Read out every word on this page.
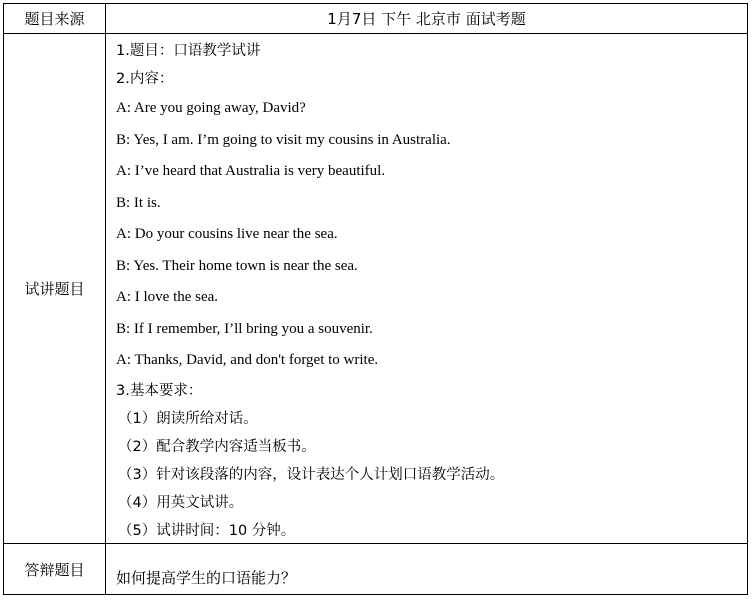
题目来源	1月7日 下午 北京市 面试考题
试讲题目
1.题目：口语教学试讲
2.内容：
A: Are you going away, David?
B: Yes, I am. I’m going to visit my cousins in Australia.
A: I’ve heard that Australia is very beautiful.
B: It is.
A: Do your cousins live near the sea.
B: Yes. Their home town is near the sea.
A: I love the sea.
B: If I remember, I’ll bring you a souvenir.
A: Thanks, David, and don't forget to write.
3.基本要求：
（1）朗读所给对话。
（2）配合教学内容适当板书。
（3）针对该段落的内容，设计表达个人计划口语教学活动。
（4）用英文试讲。
（5）试讲时间：10 分钟。
答辩题目	如何提高学生的口语能力？
